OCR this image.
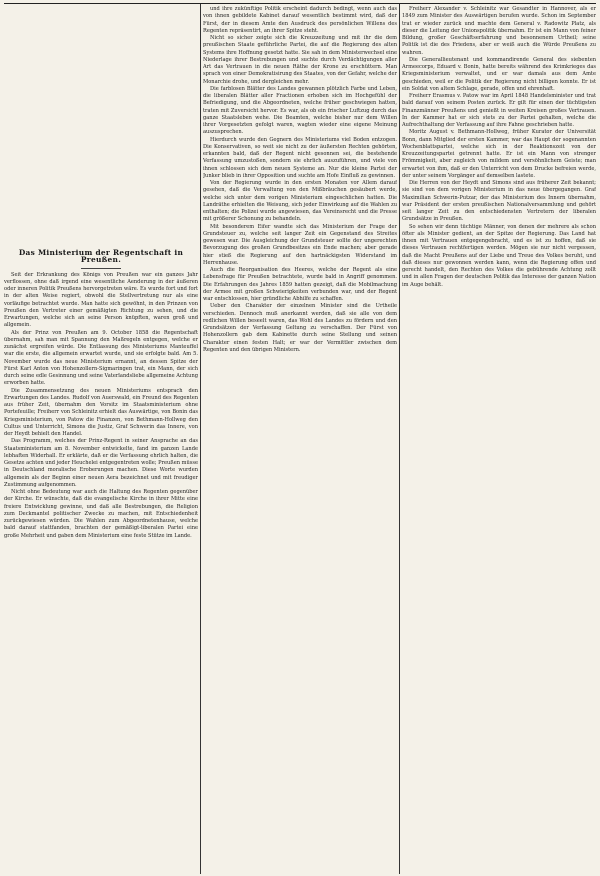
Das Ministerium der Regentschaft in Preußen.

Seit der Erkrankung des Königs von Preußen war ein ganzes Jahr verflossen, ohne daß irgend eine wesentliche Aenderung in der äußeren oder inneren Politik Preußens hervorgetreten wäre. Es wurde fort und fort in der alten Weise regiert, obwohl die Stellvertretung nur als eine vorläufige betrachtet wurde. Man hatte sich gewöhnt, in den Prinzen von Preußen den Vertreter einer gemäßigten Richtung zu sehen, und die Erwartungen, welche sich an seine Person knüpften, waren groß und allgemein.

Als der Prinz von Preußen am 9. October 1858 die Regentschaft übernahm, sah man mit Spannung den Maßregeln entgegen, welche er zunächst ergreifen würde. Die Entlassung des Ministeriums Manteuffel war die erste, die allgemein erwartet wurde, und sie erfolgte bald. Am 5. November wurde das neue Ministerium ernannt, an dessen Spitze der Fürst Karl Anton von Hohenzollern-Sigmaringen trat, ein Mann, der sich durch seine edle Gesinnung und seine Vaterlandsliebe allgemeine Achtung erworben hatte.

Die Zusammensetzung des neuen Ministeriums entsprach den Erwartungen des Landes. Rudolf von Auerswald, ein Freund des Regenten aus früher Zeit, übernahm den Vorsitz im Staatsministerium ohne Portefeuille; Freiherr von Schleinitz erhielt das Auswärtige, von Bonin das Kriegsministerium, von Patow die Finanzen, von Bethmann-Hollweg den Cultus und Unterricht, Simons die Justiz, Graf Schwerin das Innere, von der Heydt behielt den Handel.

Das Programm, welches der Prinz-Regent in seiner Ansprache an das Staatsministerium am 8. November entwickelte, fand im ganzen Lande lebhaften Widerhall. Er erklärte, daß er die Verfassung ehrlich halten, die Gesetze achten und jeder Heuchelei entgegentreten wolle; Preußen müsse in Deutschland moralische Eroberungen machen. Diese Worte wurden allgemein als der Beginn einer neuen Aera bezeichnet und mit freudiger Zustimmung aufgenommen.

Nicht ohne Bedeutung war auch die Haltung des Regenten gegenüber der Kirche. Er wünschte, daß die evangelische Kirche in ihrer Mitte eine freiere Entwicklung gewinne, und daß alle Bestrebungen, die Religion zum Deckmantel politischer Zwecke zu machen, mit Entschiedenheit zurückgewiesen würden. Die Wahlen zum Abgeordnetenhause, welche bald darauf stattfanden, brachten der gemäßigt-liberalen Partei eine große Mehrheit und gaben dem Ministerium eine feste Stütze im Lande.

und ihre zukünftige Politik erscheint dadurch bedingt, wenn auch das von ihnen gebildete Kabinet darauf wesentlich bestimmt wird, daß der Fürst, der in diesem Amte den Ausdruck des persönlichen Willens des Regenten repräsentirt, an ihrer Spitze steht.

Nicht so sicher zeigte sich die Kreuzzeitung und mit ihr die dem preußischen Staate geführliche Partei, die auf die Regierung des alten Systems ihre Hoffnung gesetzt hatte. Sie sah in dem Ministerwechsel eine Niederlage ihrer Bestrebungen und suchte durch Verdächtigungen aller Art das Vertrauen in die neuen Räthe der Krone zu erschüttern. Man sprach von einer Demokratisirung des Staates, von der Gefahr, welche der Monarchie drohe, und dergleichen mehr.

Die farblosen Blätter des Landes gewannen plötzlich Farbe und Leben, die liberalen Blätter aller Fractionen erhoben sich im Hochgefühl der Befriedigung, und die Abgeordneten, welche früher geschwiegen hatten, traten mit Zuversicht hervor. Es war, als ob ein frischer Luftzug durch das ganze Staatsleben wehe. Die Beamten, welche bisher nur dem Willen ihrer Vorgesetzten gefolgt waren, wagten wieder eine eigene Meinung auszusprechen.

Hierdurch wurde den Gegnern des Ministeriums viel Boden entzogen. Die Konservativen, so weit sie nicht zu der äußersten Rechten gehörten, erkannten bald, daß der Regent nicht gesonnen sei, die bestehende Verfassung umzustoßen, sondern sie ehrlich auszuführen, und viele von ihnen schlossen sich dem neuen Systeme an. Nur die kleine Partei der Junker blieb in ihrer Opposition und suchte am Hofe Einfluß zu gewinnen.

Von der Regierung wurde in den ersten Monaten vor Allem darauf gesehen, daß die Verwaltung von den Mißbräuchen gesäubert werde, welche sich unter dem vorigen Ministerium eingeschlichen hatten. Die Landräthe erhielten die Weisung, sich jeder Einwirkung auf die Wahlen zu enthalten; die Polizei wurde angewiesen, das Vereinsrecht und die Presse mit größerer Schonung zu behandeln.

Mit besonderem Eifer wandte sich das Ministerium der Frage der Grundsteuer zu, welche seit langer Zeit ein Gegenstand des Streites gewesen war. Die Ausgleichung der Grundsteuer sollte der ungerechten Bevorzugung des großen Grundbesitzes ein Ende machen; aber gerade hier stieß die Regierung auf den hartnäckigsten Widerstand im Herrenhause.

Auch die Reorganisation des Heeres, welche der Regent als eine Lebensfrage für Preußen betrachtete, wurde bald in Angriff genommen. Die Erfahrungen des Jahres 1859 hatten gezeigt, daß die Mobilmachung der Armee mit großen Schwierigkeiten verbunden war, und der Regent war entschlossen, hier gründliche Abhilfe zu schaffen.

Ueber den Charakter der einzelnen Minister sind die Urtheile verschieden. Dennoch muß anerkannt werden, daß sie alle von dem redlichen Willen beseelt waren, das Wohl des Landes zu fördern und den Grundsätzen der Verfassung Geltung zu verschaffen. Der Fürst von Hohenzollern gab dem Kabinette durch seine Stellung und seinen Charakter einen festen Halt; er war der Vermittler zwischen dem Regenten und den übrigen Ministern.

Freiherr Alexander v. Schleinitz war Gesandter in Hannover, als er 1849 zum Minister des Auswärtigen berufen wurde. Schon im September trat er wieder zurück und machte dem General v. Radowitz Platz, als dieser die Leitung der Unionspolitik übernahm. Er ist ein Mann von feiner Bildung, großer Geschäftserfahrung und besonnenem Urtheil; seine Politik ist die des Friedens, aber er weiß auch die Würde Preußens zu wahren.

Die Generallieutenant und kommandirende General des siebenten Armeecorps, Eduard v. Bonin, hatte bereits während des Krimkrieges das Kriegsministerium verwaltet, und er war damals aus dem Amte geschieden, weil er die Politik der Regierung nicht billigen konnte. Er ist ein Soldat von altem Schlage, gerade, offen und ehrenhaft.

Freiherr Erasmus v. Patow war im April 1848 Handelsminister und trat bald darauf von seinem Posten zurück. Er gilt für einen der tüchtigsten Finanzmänner Preußens und genießt in weiten Kreisen großes Vertrauen. In der Kammer hat er sich stets zu der Partei gehalten, welche die Aufrechthaltung der Verfassung auf ihre Fahne geschrieben hatte.

Moritz August v. Bethmann-Hollweg, früher Kurator der Universität Bonn, dann Mitglied der ersten Kammer, war das Haupt der sogenannten Wochenblattspartei, welche sich in der Reaktionszeit von der Kreuzzeitungspartei getrennt hatte. Er ist ein Mann von strenger Frömmigkeit, aber zugleich von mildem und versöhnlichem Geiste; man erwartet von ihm, daß er den Unterricht von dem Drucke befreien werde, der unter seinem Vorgänger auf demselben lastete.

Die Herren von der Heydt und Simons sind aus früherer Zeit bekannt; sie sind von dem vorigen Ministerium in das neue übergegangen. Graf Maximilian Schwerin-Putzar, der das Ministerium des Innern übernahm, war Präsident der ersten preußischen Nationalversammlung und gehört seit langer Zeit zu den entschiedensten Vertretern der liberalen Grundsätze in Preußen.

So sehen wir denn tüchtige Männer, von denen der mehrere als schon öfter als Minister gedient, an der Spitze der Regierung. Das Land hat ihnen mit Vertrauen entgegengebracht, und es ist zu hoffen, daß sie dieses Vertrauen rechtfertigen werden. Mögen sie nur nicht vergessen, daß die Macht Preußens auf der Liebe und Treue des Volkes beruht, und daß dieses nur gewonnen werden kann, wenn die Regierung offen und gerecht handelt, den Rechten des Volkes die gebührende Achtung zollt und in allen Fragen der deutschen Politik das Interesse der ganzen Nation im Auge behält.
